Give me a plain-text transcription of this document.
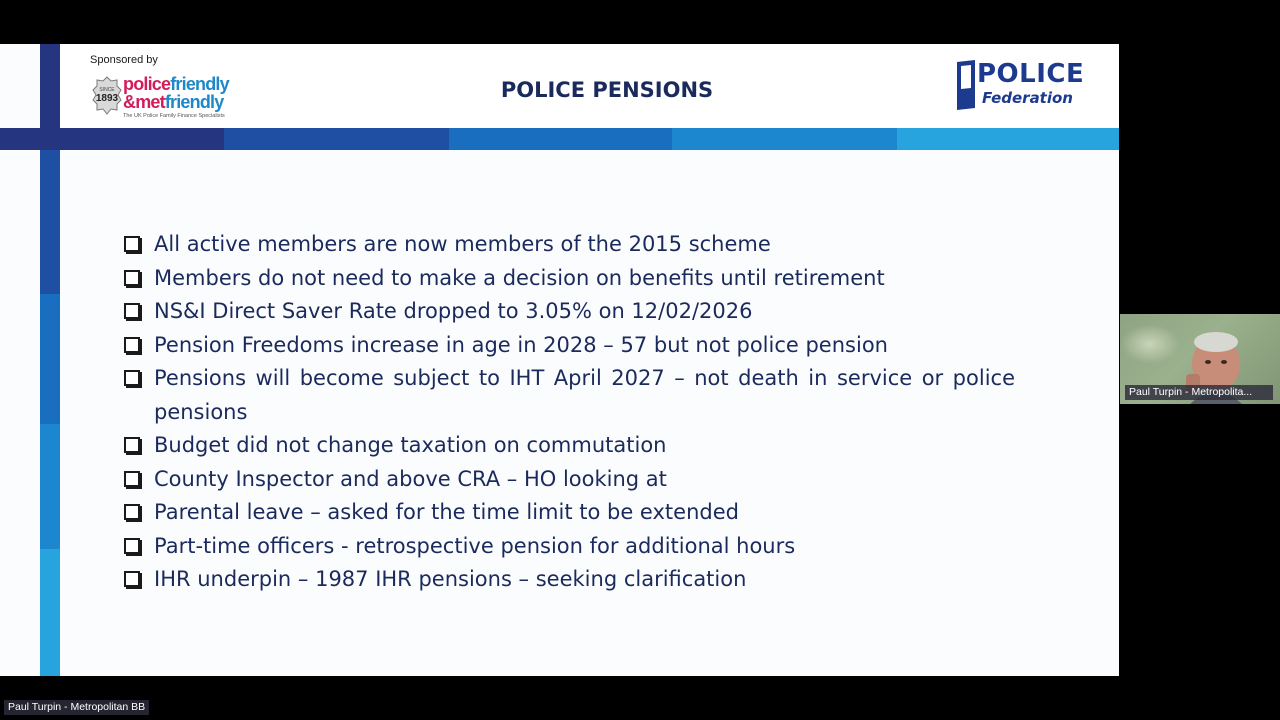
Sponsored by
SINCE
1893
policefriendly
&metfriendly
The UK Police Family Finance Specialists
POLICE PENSIONS
POLICE
Federation
All active members are now members of the 2015 scheme
Members do not need to make a decision on benefits until retirement
NS&I Direct Saver Rate dropped to 3.05% on 12/02/2026
Pension Freedoms increase in age in 2028 – 57 but not police pension
Pensions will become subject to IHT April 2027 – not death in service or police pensions
Budget did not change taxation on commutation
County Inspector and above CRA – HO looking at
Parental leave – asked for the time limit to be extended
Part-time officers - retrospective pension for additional hours
IHR underpin – 1987 IHR pensions – seeking clarification
Paul Turpin - Metropolita...
Paul Turpin - Metropolitan BB
